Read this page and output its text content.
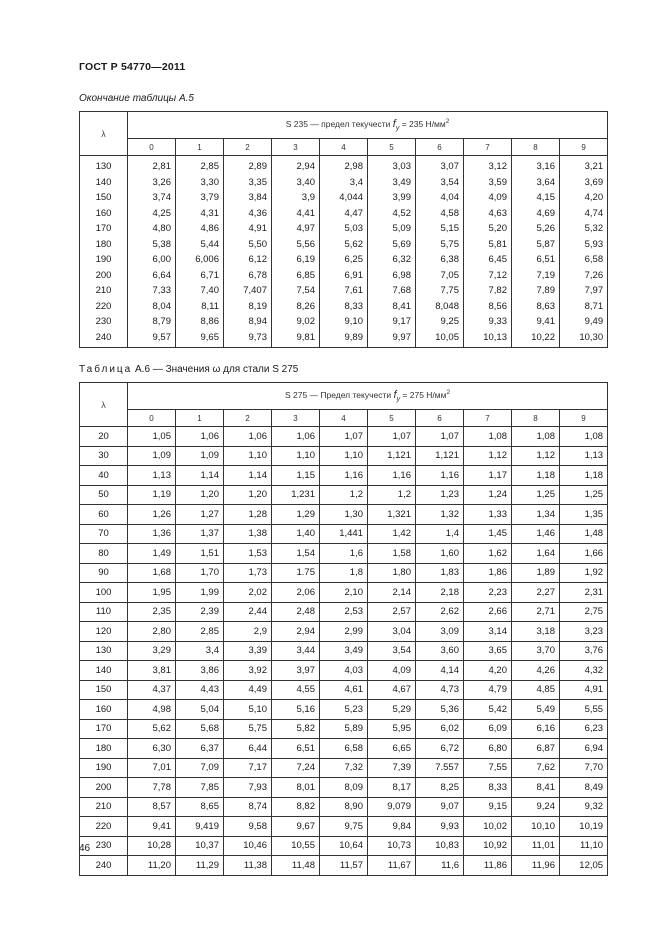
ГОСТ Р 54770—2011
Окончание таблицы А.5
λ	S 235 — предел текучести $f_y = 235$ $Н/мм^2$
	0	1	2	3	4	5	6	7	8	9
130	2,81	2,85	2,89	2,94	2,98	3,03	3,07	3,12	3,16	3,21
140	3,26	3,30	3,35	3,40	3,4	3,49	3,54	3,59	3,64	3,69
150	3,74	3,79	3,84	3,9	4,044	3,99	4,04	4,09	4,15	4,20
160	4,25	4,31	4,36	4,41	4,47	4,52	4,58	4,63	4,69	4,74
170	4,80	4,86	4,91	4,97	5,03	5,09	5,15	5,20	5,26	5,32
180	5,38	5,44	5,50	5,56	5,62	5,69	5,75	5,81	5,87	5,93
190	6,00	6,006	6,12	6,19	6,25	6,32	6,38	6,45	6,51	6,58
200	6,64	6,71	6,78	6,85	6,91	6,98	7,05	7,12	7,19	7,26
210	7,33	7,40	7,407	7,54	7,61	7,68	7,75	7,82	7,89	7,97
220	8,04	8,11	8,19	8,26	8,33	8,41	8,048	8,56	8,63	8,71
230	8,79	8,86	8,94	9,02	9,10	9,17	9,25	9,33	9,41	9,49
240	9,57	9,65	9,73	9,81	9,89	9,97	10,05	10,13	10,22	10,30
Таблица А.6 — Значения ω для стали S 275
λ	S 275 — Предел текучести $f_y = 275$ $Н/мм^2$
	0	1	2	3	4	5	6	7	8	9
20	1,05	1,06	1,06	1,06	1,07	1,07	1,07	1,08	1,08	1,08
30	1,09	1,09	1,10	1,10	1,10	1,121	1,121	1,12	1,12	1,13
40	1,13	1,14	1,14	1,15	1,16	1,16	1,16	1,17	1,18	1,18
50	1,19	1,20	1,20	1,231	1,2	1,2	1,23	1,24	1,25	1,25
60	1,26	1,27	1,28	1,29	1,30	1,321	1,32	1,33	1,34	1,35
70	1,36	1,37	1,38	1,40	1,441	1,42	1,4	1,45	1,46	1,48
80	1,49	1,51	1,53	1,54	1,6	1,58	1,60	1,62	1,64	1,66
90	1,68	1,70	1,73	1.75	1,8	1,80	1,83	1,86	1,89	1,92
100	1,95	1,99	2,02	2,06	2,10	2,14	2,18	2,23	2,27	2,31
110	2,35	2,39	2,44	2,48	2,53	2,57	2,62	2,66	2,71	2,75
120	2,80	2,85	2,9	2,94	2,99	3,04	3,09	3,14	3,18	3,23
130	3,29	3,4	3,39	3,44	3,49	3,54	3,60	3,65	3,70	3,76
140	3,81	3,86	3,92	3,97	4,03	4,09	4,14	4,20	4,26	4,32
150	4,37	4,43	4,49	4,55	4,61	4,67	4,73	4,79	4,85	4,91
160	4,98	5,04	5,10	5,16	5,23	5,29	5,36	5,42	5,49	5,55
170	5,62	5,68	5,75	5,82	5,89	5,95	6,02	6,09	6,16	6,23
180	6,30	6,37	6,44	6,51	6,58	6,65	6,72	6,80	6,87	6,94
190	7,01	7,09	7,17	7,24	7,32	7,39	7.557	7,55	7,62	7,70
200	7,78	7,85	7,93	8,01	8,09	8,17	8,25	8,33	8,41	8,49
210	8,57	8,65	8,74	8,82	8,90	9,079	9,07	9,15	9,24	9,32
220	9,41	9,419	9,58	9,67	9,75	9,84	9,93	10,02	10,10	10,19
230	10,28	10,37	10,46	10,55	10,64	10,73	10,83	10,92	11,01	11,10
240	11,20	11,29	11,38	11,48	11,57	11,67	11,6	11,86	11,96	12,05
46
